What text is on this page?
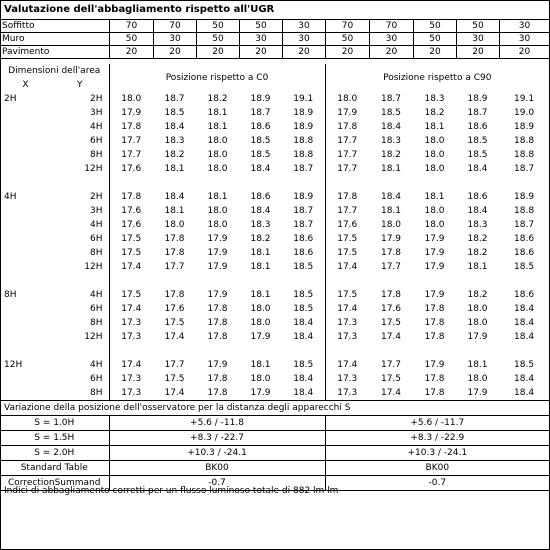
Valutazione dell'abbagliamento rispetto all'UGR
Soffitto	70	70	50	50	30	70	70	50	50	30
Muro	50	30	50	30	30	50	30	50	30	30
Pavimento	20	20	20	20	20	20	20	20	20	20
Dimensioni dell'area		Posizione rispetto a C0					Posizione rispetto a C90				
X	Y										
2H	2H	18.0	18.7	18.2	18.9	19.1	18.0	18.7	18.3	18.9	19.1
	3H	17.9	18.5	18.1	18.7	18.9	17.9	18.5	18.2	18.7	19.0
	4H	17.8	18.4	18.1	18.6	18.9	17.8	18.4	18.1	18.6	18.9
	6H	17.7	18.3	18.0	18.5	18.8	17.7	18.3	18.0	18.5	18.8
	8H	17.7	18.2	18.0	18.5	18.8	17.7	18.2	18.0	18.5	18.8
	12H	17.6	18.1	18.0	18.4	18.7	17.7	18.1	18.0	18.4	18.7

4H	2H	17.8	18.4	18.1	18.6	18.9	17.8	18.4	18.1	18.6	18.9
	3H	17.6	18.1	18.0	18.4	18.7	17.7	18.1	18.0	18.4	18.8
	4H	17.6	18.0	18.0	18.3	18.7	17.6	18.0	18.0	18.3	18.7
	6H	17.5	17.8	17.9	18.2	18.6	17.5	17.9	17.9	18.2	18.6
	8H	17.5	17.8	17.9	18.1	18.6	17.5	17.8	17.9	18.2	18.6
	12H	17.4	17.7	17.9	18.1	18.5	17.4	17.7	17.9	18.1	18.5

8H	4H	17.5	17.8	17.9	18.1	18.5	17.5	17.8	17.9	18.2	18.6
	6H	17.4	17.6	17.8	18.0	18.5	17.4	17.6	17.8	18.0	18.4
	8H	17.3	17.5	17.8	18.0	18.4	17.3	17.5	17.8	18.0	18.4
	12H	17.3	17.4	17.8	17.9	18.4	17.3	17.4	17.8	17.9	18.4

12H	4H	17.4	17.7	17.9	18.1	18.5	17.4	17.7	17.9	18.1	18.5
	6H	17.3	17.5	17.8	18.0	18.4	17.3	17.5	17.8	18.0	18.4
	8H	17.3	17.4	17.8	17.9	18.4	17.3	17.4	17.8	17.9	18.4
Variazione della posizione dell'osservatore per la distanza degli apparecchi S											
S = 1.0H		+5.6 / -11.8					+5.6 / -11.7				
S = 1.5H		+8.3 / -22.7					+8.3 / -22.9				
S = 2.0H		+10.3 / -24.1					+10.3 / -24.1				
Standard Table		BK00					BK00				
CorrectionSummand		-0.7					-0.7				
Indici di abbagliamento corretti per un flusso luminoso totale di 882 lm lm
